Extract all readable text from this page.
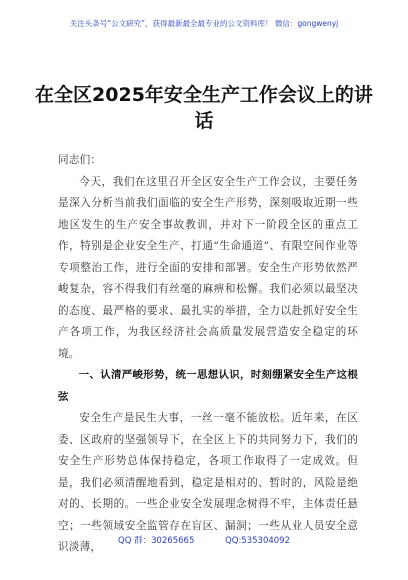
关注头条号“公文研究”，获得最新最全最专业的公文资料库！ 微信：gongwenyj
在全区2025年安全生产工作会议上的讲话

同志们：

今天，我们在这里召开全区安全生产工作会议，主要任务是深入分析当前我们面临的安全生产形势，深刻吸取近期一些地区发生的生产安全事故教训，并对下一阶段全区的重点工作，特别是企业安全生产、打通“生命通道”、有限空间作业等专项整治工作，进行全面的安排和部署。安全生产形势依然严峻复杂，容不得我们有丝毫的麻痹和松懈。我们必须以最坚决的态度、最严格的要求、最扎实的举措，全力以赴抓好安全生产各项工作，为我区经济社会高质量发展营造安全稳定的环境。

一、认清严峻形势，统一思想认识，时刻绷紧安全生产这根弦

安全生产是民生大事，一丝一毫不能放松。近年来，在区委、区政府的坚强领导下，在全区上下的共同努力下，我们的安全生产形势总体保持稳定，各项工作取得了一定成效。但是，我们必须清醒地看到，稳定是相对的、暂时的，风险是绝对的、长期的。一些企业安全发展理念树得不牢，主体责任悬空；一些领域安全监管存在盲区、漏洞；一些从业人员安全意识淡薄，	QQ 群：30265665	QQ:535304092
